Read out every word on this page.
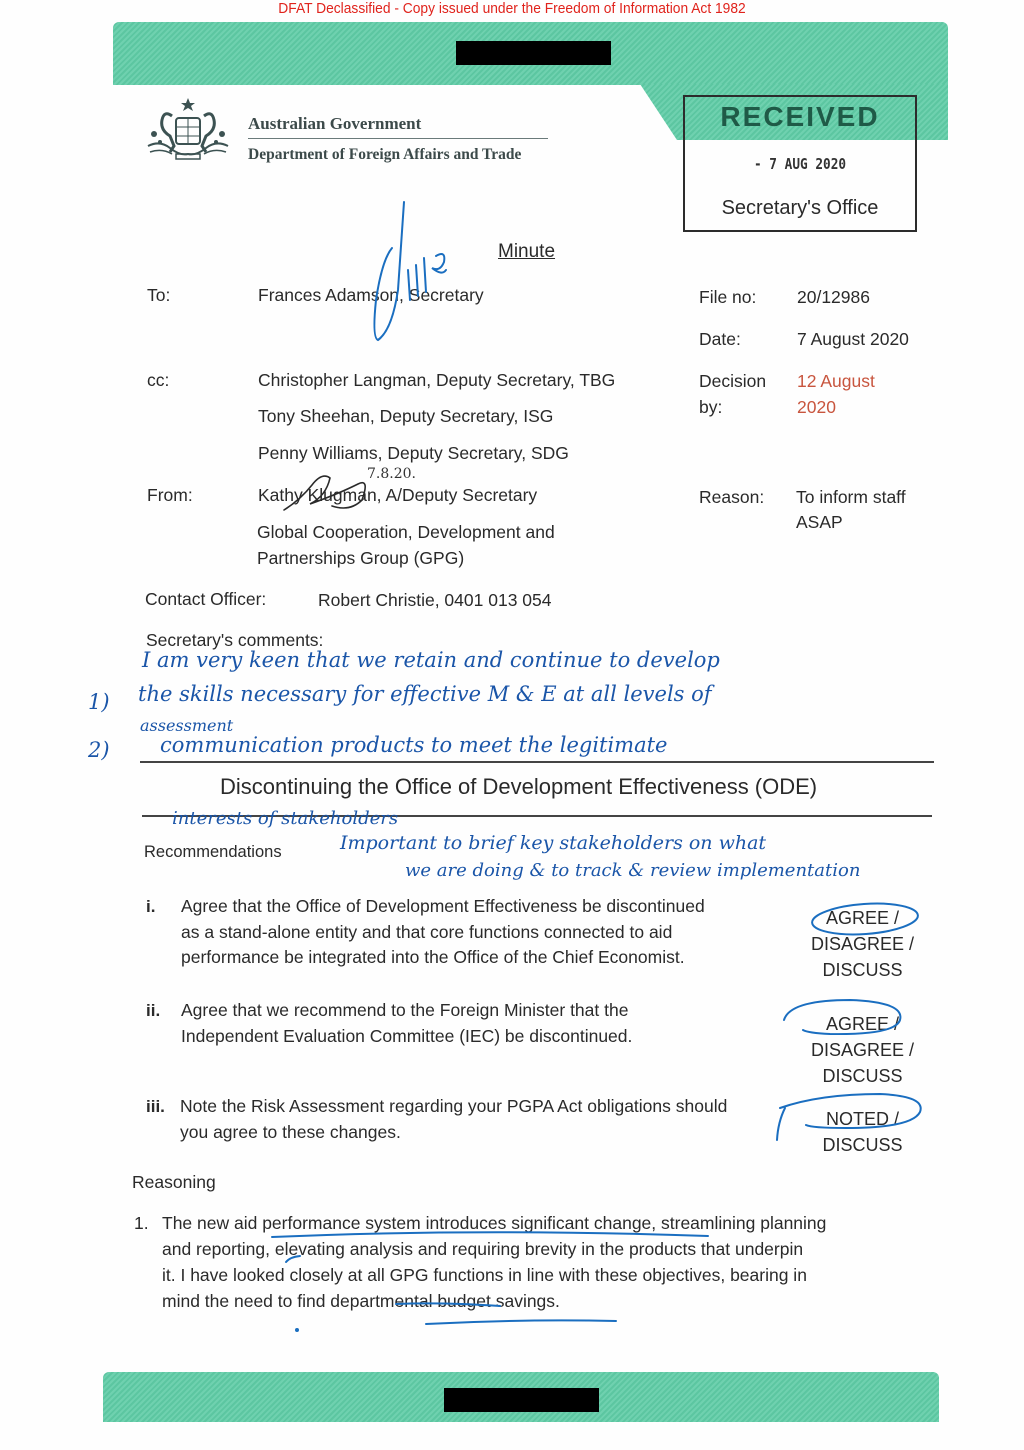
DFAT Declassified - Copy issued under the Freedom of Information Act 1982
Australian Government
Department of Foreign Affairs and Trade
RECEIVED
- 7 AUG 2020
Secretary's Office
Minute
To:	Frances Adamson, Secretary
cc:	Christopher Langman, Deputy Secretary, TBG
Tony Sheehan, Deputy Secretary, ISG
Penny Williams, Deputy Secretary, SDG
From:	Kathy Klugman, A/Deputy Secretary
Global Cooperation, Development and
Partnerships Group (GPG)
7.8.20.
Contact Officer:	Robert Christie, 0401 013 054
File no: 20/12986
Date:	7 August 2020
Decision
by:
12 August
2020
Reason: To inform staff
ASAP
Secretary's comments:
I am very keen that we retain and continue to develop
1) the skills necessary for effective M & E at all levels of
assessment
2) communication products to meet the legitimate
Discontinuing the Office of Development Effectiveness (ODE)
interests of stakeholders
Recommendations	Important to brief key stakeholders on what
we are doing & to track & review implementation
i. Agree that the Office of Development Effectiveness be discontinued
as a stand-alone entity and that core functions connected to aid
performance be integrated into the Office of the Chief Economist.
AGREE /
DISAGREE /
DISCUSS
ii. Agree that we recommend to the Foreign Minister that the
Independent Evaluation Committee (IEC) be discontinued.
AGREE /
DISAGREE /
DISCUSS
iii. Note the Risk Assessment regarding your PGPA Act obligations should
you agree to these changes.
NOTED /
DISCUSS
Reasoning
1. The new aid performance system introduces significant change, streamlining planning
and reporting, elevating analysis and requiring brevity in the products that underpin
it. I have looked closely at all GPG functions in line with these objectives, bearing in
mind the need to find departmental budget savings.
